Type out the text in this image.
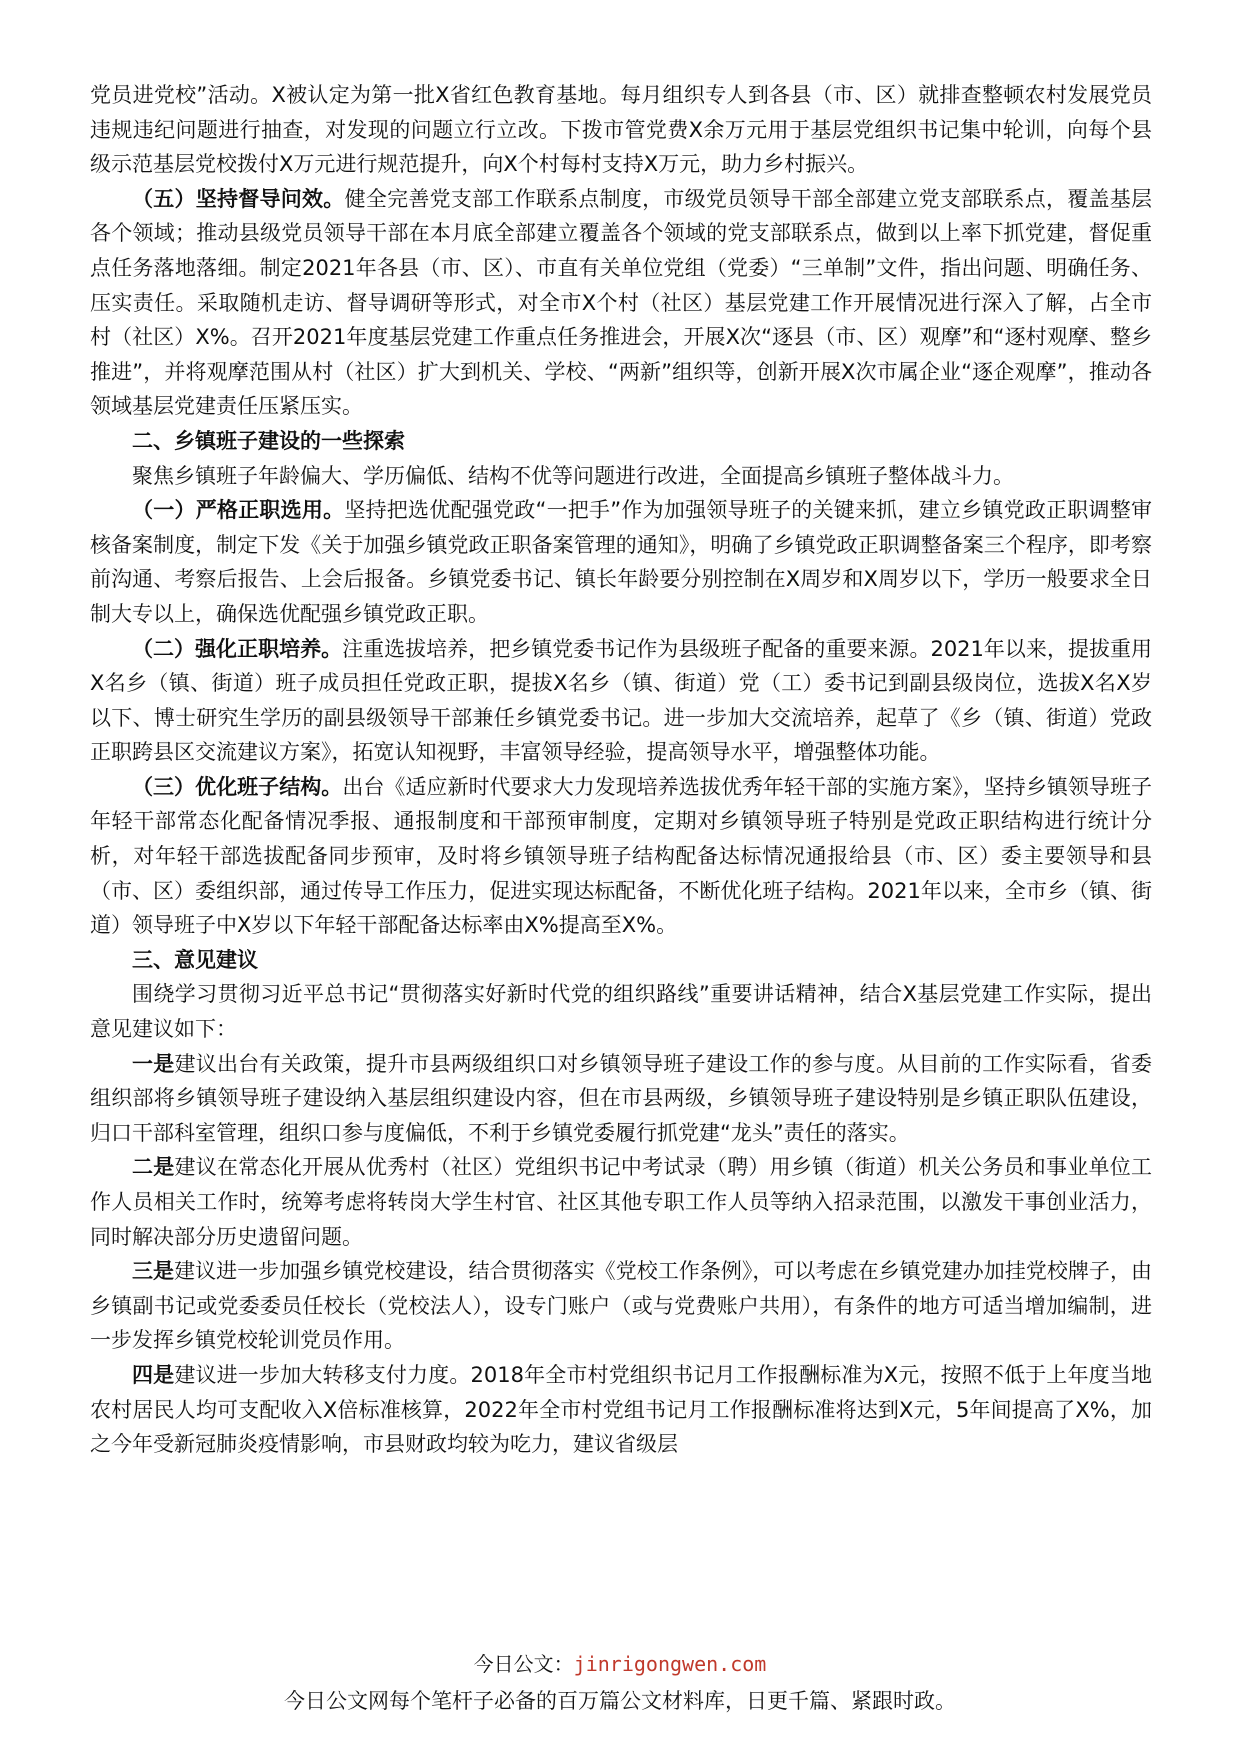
党员进党校”活动。X被认定为第一批X省红色教育基地。每月组织专人到各县（市、区）就排查整顿农村发展党员违规违纪问题进行抽查，对发现的问题立行立改。下拨市管党费X余万元用于基层党组织书记集中轮训，向每个县级示范基层党校拨付X万元进行规范提升，向X个村每村支持X万元，助力乡村振兴。

（五）坚持督导问效。健全完善党支部工作联系点制度，市级党员领导干部全部建立党支部联系点，覆盖基层各个领域；推动县级党员领导干部在本月底全部建立覆盖各个领域的党支部联系点，做到以上率下抓党建，督促重点任务落地落细。制定2021年各县（市、区）、市直有关单位党组（党委）“三单制”文件，指出问题、明确任务、压实责任。采取随机走访、督导调研等形式，对全市X个村（社区）基层党建工作开展情况进行深入了解，占全市村（社区）X%。召开2021年度基层党建工作重点任务推进会，开展X次“逐县（市、区）观摩”和“逐村观摩、整乡推进”，并将观摩范围从村（社区）扩大到机关、学校、“两新”组织等，创新开展X次市属企业“逐企观摩”，推动各领域基层党建责任压紧压实。

二、乡镇班子建设的一些探索

聚焦乡镇班子年龄偏大、学历偏低、结构不优等问题进行改进，全面提高乡镇班子整体战斗力。

（一）严格正职选用。坚持把选优配强党政“一把手”作为加强领导班子的关键来抓，建立乡镇党政正职调整审核备案制度，制定下发《关于加强乡镇党政正职备案管理的通知》，明确了乡镇党政正职调整备案三个程序，即考察前沟通、考察后报告、上会后报备。乡镇党委书记、镇长年龄要分别控制在X周岁和X周岁以下，学历一般要求全日制大专以上，确保选优配强乡镇党政正职。

（二）强化正职培养。注重选拔培养，把乡镇党委书记作为县级班子配备的重要来源。2021年以来，提拔重用X名乡（镇、街道）班子成员担任党政正职，提拔X名乡（镇、街道）党（工）委书记到副县级岗位，选拔X名X岁以下、博士研究生学历的副县级领导干部兼任乡镇党委书记。进一步加大交流培养，起草了《乡（镇、街道）党政正职跨县区交流建议方案》，拓宽认知视野，丰富领导经验，提高领导水平，增强整体功能。

（三）优化班子结构。出台《适应新时代要求大力发现培养选拔优秀年轻干部的实施方案》，坚持乡镇领导班子年轻干部常态化配备情况季报、通报制度和干部预审制度，定期对乡镇领导班子特别是党政正职结构进行统计分析，对年轻干部选拔配备同步预审，及时将乡镇领导班子结构配备达标情况通报给县（市、区）委主要领导和县（市、区）委组织部，通过传导工作压力，促进实现达标配备，不断优化班子结构。2021年以来，全市乡（镇、街道）领导班子中X岁以下年轻干部配备达标率由X%提高至X%。

三、意见建议

围绕学习贯彻习近平总书记“贯彻落实好新时代党的组织路线”重要讲话精神，结合X基层党建工作实际，提出意见建议如下：

一是建议出台有关政策，提升市县两级组织口对乡镇领导班子建设工作的参与度。从目前的工作实际看，省委组织部将乡镇领导班子建设纳入基层组织建设内容，但在市县两级，乡镇领导班子建设特别是乡镇正职队伍建设，归口干部科室管理，组织口参与度偏低，不利于乡镇党委履行抓党建“龙头”责任的落实。

二是建议在常态化开展从优秀村（社区）党组织书记中考试录（聘）用乡镇（街道）机关公务员和事业单位工作人员相关工作时，统筹考虑将转岗大学生村官、社区其他专职工作人员等纳入招录范围，以激发干事创业活力，同时解决部分历史遗留问题。

三是建议进一步加强乡镇党校建设，结合贯彻落实《党校工作条例》，可以考虑在乡镇党建办加挂党校牌子，由乡镇副书记或党委委员任校长（党校法人），设专门账户（或与党费账户共用），有条件的地方可适当增加编制，进一步发挥乡镇党校轮训党员作用。

四是建议进一步加大转移支付力度。2018年全市村党组织书记月工作报酬标准为X元，按照不低于上年度当地农村居民人均可支配收入X倍标准核算，2022年全市村党组书记月工作报酬标准将达到X元，5年间提高了X%，加之今年受新冠肺炎疫情影响，市县财政均较为吃力，建议省级层

今日公文：jinrigongwen.com
今日公文网每个笔杆子必备的百万篇公文材料库，日更千篇、紧跟时政。
